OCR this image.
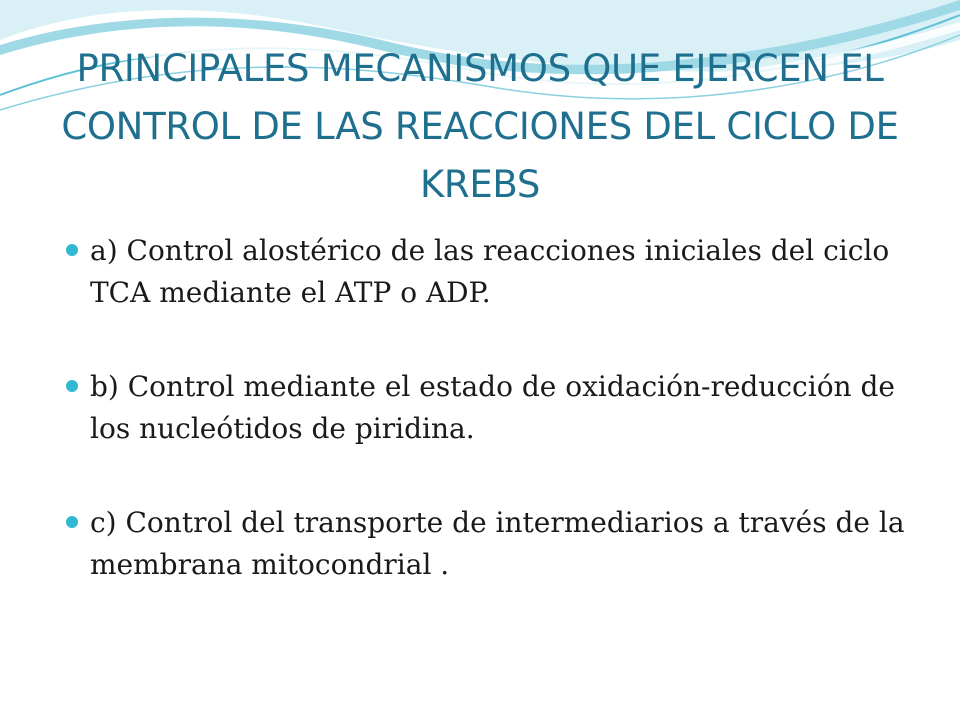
PRINCIPALES MECANISMOS QUE EJERCEN EL CONTROL DE LAS REACCIONES DEL CICLO DE KREBS
a) Control alostérico de las reacciones iniciales del ciclo TCA mediante el ATP o ADP.
b) Control mediante el estado de oxidación-reducción de los nucleótidos de piridina.
c) Control del transporte de intermediarios a través de la membrana mitocondrial .
